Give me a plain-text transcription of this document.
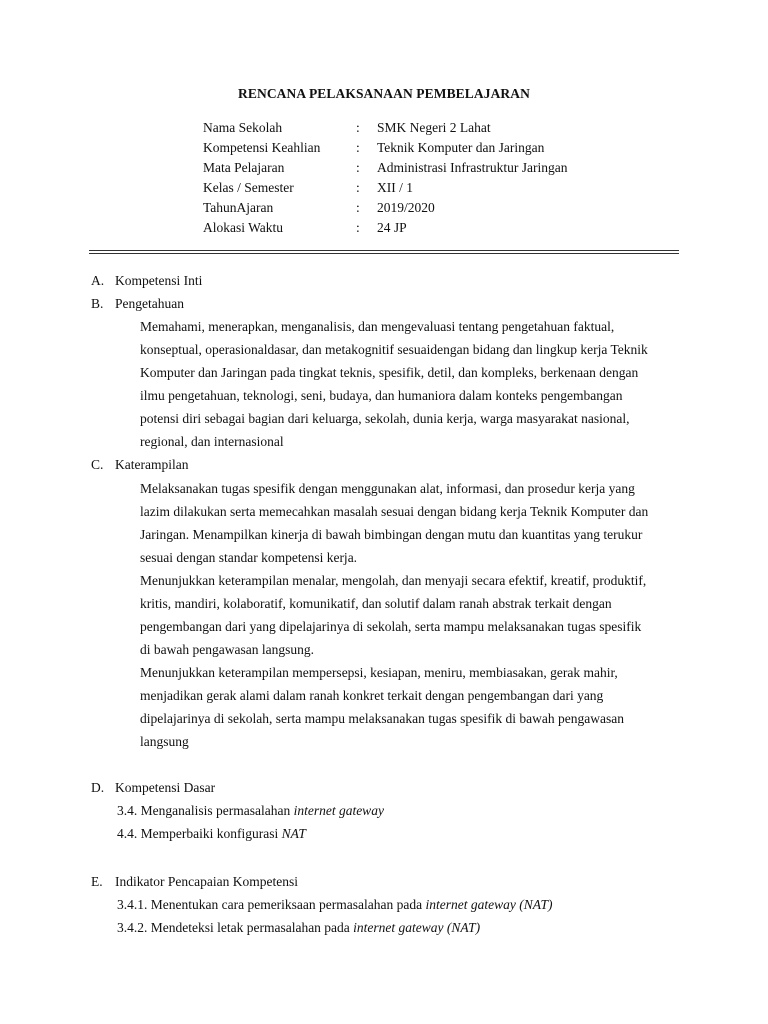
RENCANA PELAKSANAAN PEMBELAJARAN
Nama Sekolah	:	SMK Negeri 2 Lahat
Kompetensi Keahlian	:	Teknik Komputer dan Jaringan
Mata Pelajaran	:	Administrasi Infrastruktur Jaringan
Kelas / Semester	:	XII / 1
TahunAjaran	:	2019/2020
Alokasi Waktu	:	24 JP
A. Kompetensi Inti
B. Pengetahuan

Memahami, menerapkan, menganalisis, dan mengevaluasi tentang pengetahuan faktual,

konseptual, operasionaldasar, dan metakognitif sesuaidengan bidang dan lingkup kerja Teknik

Komputer dan Jaringan pada tingkat teknis, spesifik, detil, dan kompleks, berkenaan dengan

ilmu pengetahuan, teknologi, seni, budaya, dan humaniora dalam konteks pengembangan

potensi diri sebagai bagian dari keluarga, sekolah, dunia kerja, warga masyarakat nasional,

regional, dan internasional

C. Katerampilan

Melaksanakan tugas spesifik dengan menggunakan alat, informasi, dan prosedur kerja yang

lazim dilakukan serta memecahkan masalah sesuai dengan bidang kerja Teknik Komputer dan

Jaringan. Menampilkan kinerja di bawah bimbingan dengan mutu dan kuantitas yang terukur

sesuai dengan standar kompetensi kerja.

Menunjukkan keterampilan menalar, mengolah, dan menyaji secara efektif, kreatif, produktif,

kritis, mandiri, kolaboratif, komunikatif, dan solutif dalam ranah abstrak terkait dengan

pengembangan dari yang dipelajarinya di sekolah, serta mampu melaksanakan tugas spesifik

di bawah pengawasan langsung.

Menunjukkan keterampilan mempersepsi, kesiapan, meniru, membiasakan, gerak mahir,

menjadikan gerak alami dalam ranah konkret terkait dengan pengembangan dari yang

dipelajarinya di sekolah, serta mampu melaksanakan tugas spesifik di bawah pengawasan

langsung

D. Kompetensi Dasar
3.4. Menganalisis permasalahan internet gateway
4.4. Memperbaiki konfigurasi NAT
E. Indikator Pencapaian Kompetensi
3.4.1. Menentukan cara pemeriksaan permasalahan pada internet gateway (NAT)
3.4.2. Mendeteksi letak permasalahan pada internet gateway (NAT)
